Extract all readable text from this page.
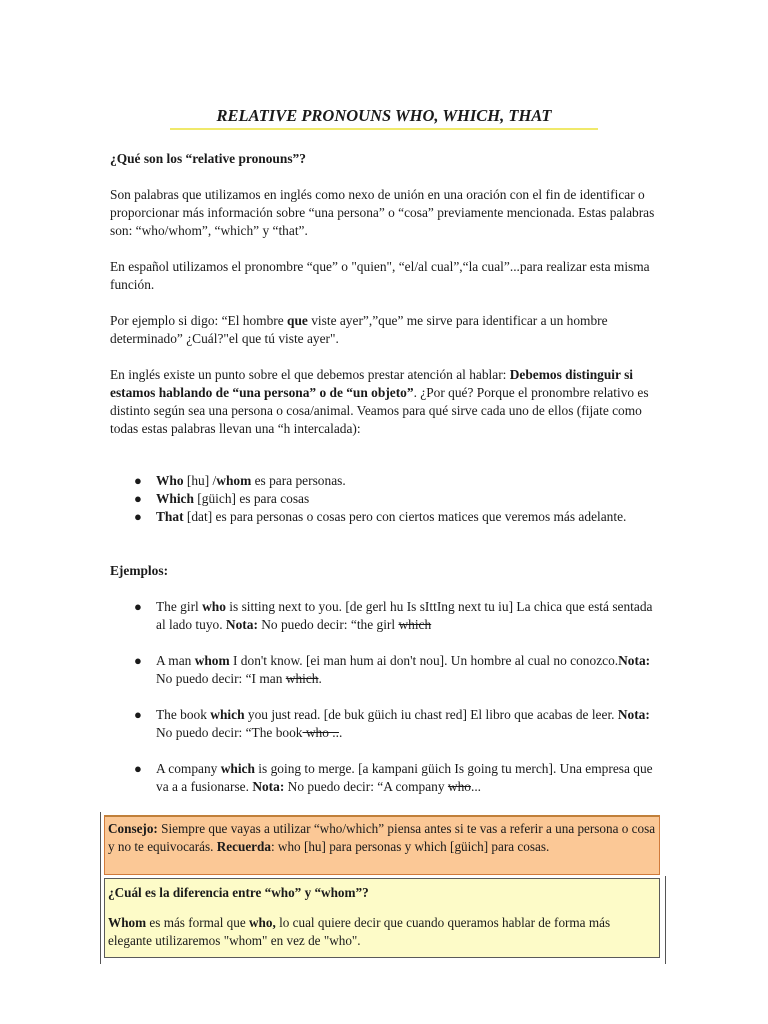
RELATIVE PRONOUNS WHO, WHICH, THAT

¿Qué son los “relative pronouns”?

Son palabras que utilizamos en inglés como nexo de unión en una oración con el fin de identificar o proporcionar más información sobre “una persona” o “cosa” previamente mencionada. Estas palabras son: “who/whom”, “which” y “that”.

En español utilizamos el pronombre “que” o "quien", “el/al cual”,“la cual”...para realizar esta misma función.

Por ejemplo si digo: “El hombre que viste ayer”,”que” me sirve para identificar a un hombre determinado” ¿Cuál?"el que tú viste ayer".

En inglés existe un punto sobre el que debemos prestar atención al hablar: Debemos distinguir si estamos hablando de “una persona” o de “un objeto”. ¿Por qué? Porque el pronombre relativo es distinto según sea una persona o cosa/animal. Veamos para qué sirve cada uno de ellos (fijate como todas estas palabras llevan una “h intercalada):

● Who [hu] /whom es para personas.
● Which [güich] es para cosas
● That [dat] es para personas o cosas pero con ciertos matices que veremos más adelante.

Ejemplos:

● The girl who is sitting next to you. [de gerl hu Is sIttIng next tu iu] La chica que está sentada al lado tuyo. Nota: No puedo decir: “the girl which
● A man whom I don't know. [ei man hum ai don't nou]. Un hombre al cual no conozco.Nota: No puedo decir: “I man which.
● The book which you just read. [de buk güich iu chast red] El libro que acabas de leer. Nota: No puedo decir: “The book who ...
● A company which is going to merge. [a kampani güich Is going tu merch]. Una empresa que va a a fusionarse. Nota: No puedo decir: “A company who...
Consejo: Siempre que vayas a utilizar “who/which” piensa antes si te vas a referir a una persona o cosa y no te equivocarás. Recuerda: who [hu] para personas y which [güich] para cosas.
¿Cuál es la diferencia entre “who” y “whom”?
Whom es más formal que who, lo cual quiere decir que cuando queramos hablar de forma más elegante utilizaremos "whom" en vez de "who".
